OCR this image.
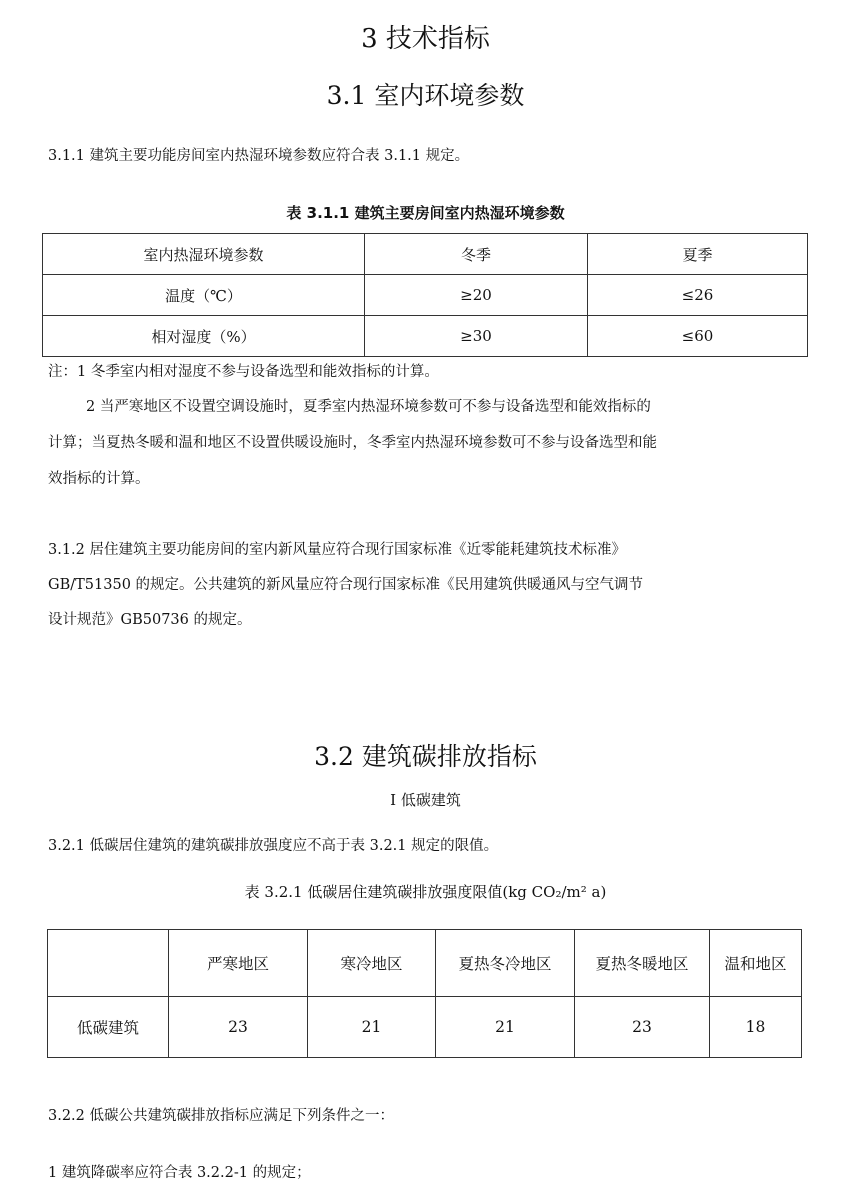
3 技术指标
3.1 室内环境参数
3.1.1 建筑主要功能房间室内热湿环境参数应符合表 3.1.1 规定。
表 3.1.1 建筑主要房间室内热湿环境参数
室内热湿环境参数	冬季	夏季
温度（℃）	≥20	≤26
相对湿度（%）	≥30	≤60
注：1 冬季室内相对湿度不参与设备选型和能效指标的计算。
2 当严寒地区不设置空调设施时，夏季室内热湿环境参数可不参与设备选型和能效指标的
计算；当夏热冬暖和温和地区不设置供暖设施时，冬季室内热湿环境参数可不参与设备选型和能
效指标的计算。
3.1.2 居住建筑主要功能房间的室内新风量应符合现行国家标准《近零能耗建筑技术标准》
GB/T51350 的规定。公共建筑的新风量应符合现行国家标准《民用建筑供暖通风与空气调节
设计规范》GB50736 的规定。
3.2 建筑碳排放指标
I 低碳建筑
3.2.1 低碳居住建筑的建筑碳排放强度应不高于表 3.2.1 规定的限值。
表 3.2.1 低碳居住建筑碳排放强度限值(kg CO₂/m² a)
	严寒地区	寒冷地区	夏热冬冷地区	夏热冬暖地区	温和地区
低碳建筑	23	21	21	23	18
3.2.2 低碳公共建筑碳排放指标应满足下列条件之一：
1 建筑降碳率应符合表 3.2.2-1 的规定；
